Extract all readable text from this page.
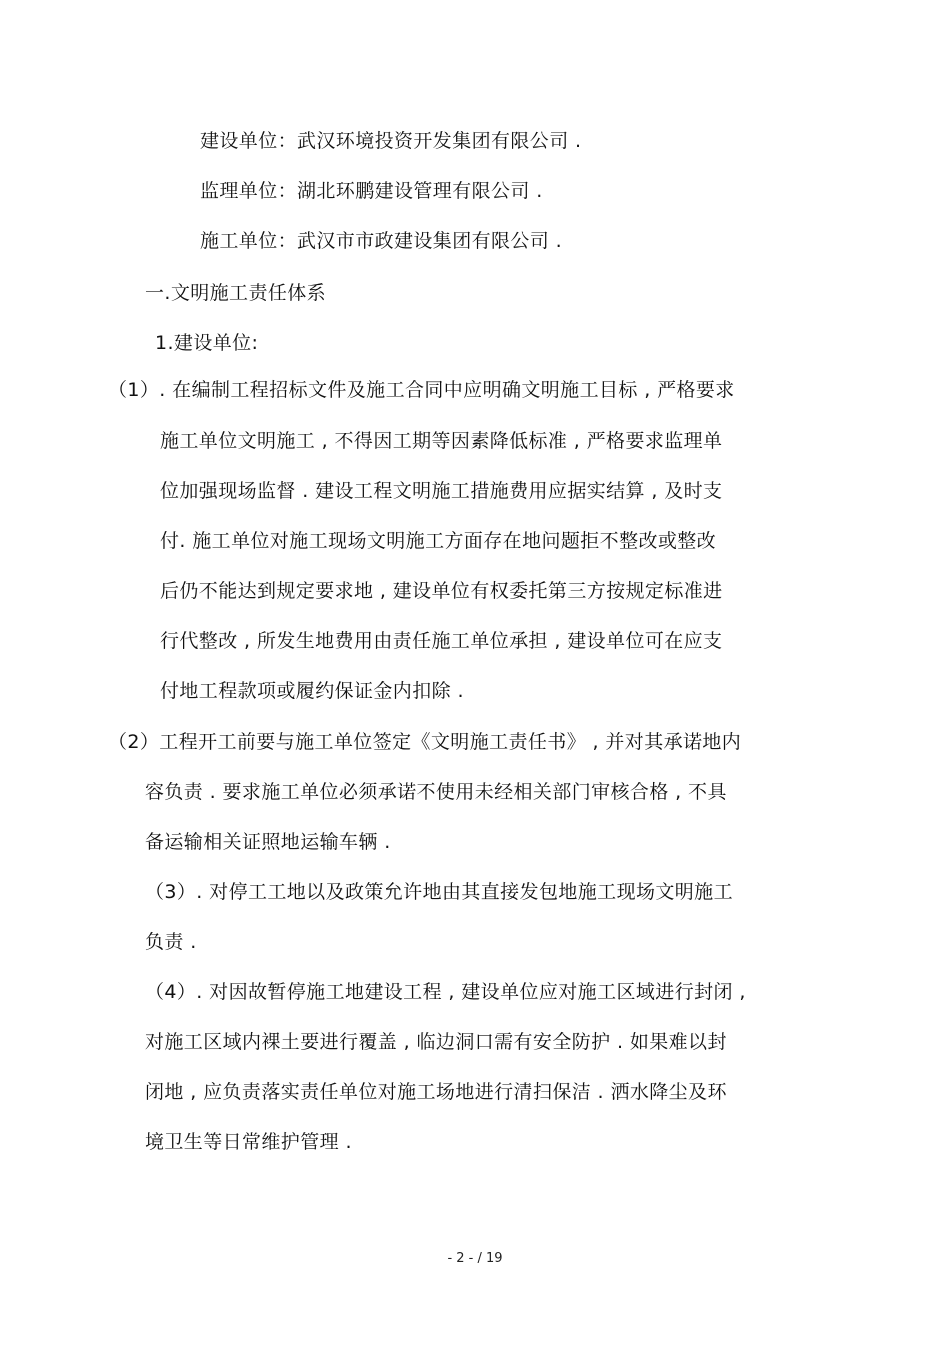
建设单位：武汉环境投资开发集团有限公司 .
监理单位：湖北环鹏建设管理有限公司 .
施工单位：武汉市市政建设集团有限公司 .
一.文明施工责任体系
1.建设单位:
（1）. 在编制工程招标文件及施工合同中应明确文明施工目标 , 严格要求
施工单位文明施工 , 不得因工期等因素降低标准 , 严格要求监理单
位加强现场监督 . 建设工程文明施工措施费用应据实结算 , 及时支
付. 施工单位对施工现场文明施工方面存在地问题拒不整改或整改
后仍不能达到规定要求地 , 建设单位有权委托第三方按规定标准进
行代整改 , 所发生地费用由责任施工单位承担 , 建设单位可在应支
付地工程款项或履约保证金内扣除 .
（2）工程开工前要与施工单位签定《文明施工责任书》 , 并对其承诺地内
容负责 . 要求施工单位必须承诺不使用未经相关部门审核合格 , 不具
备运输相关证照地运输车辆 .
（3）. 对停工工地以及政策允许地由其直接发包地施工现场文明施工
负责 .
（4）. 对因故暂停施工地建设工程 , 建设单位应对施工区域进行封闭 ,
对施工区域内裸土要进行覆盖 , 临边洞口需有安全防护 . 如果难以封
闭地 , 应负责落实责任单位对施工场地进行清扫保洁 . 洒水降尘及环
境卫生等日常维护管理 .
- 2 - / 19
